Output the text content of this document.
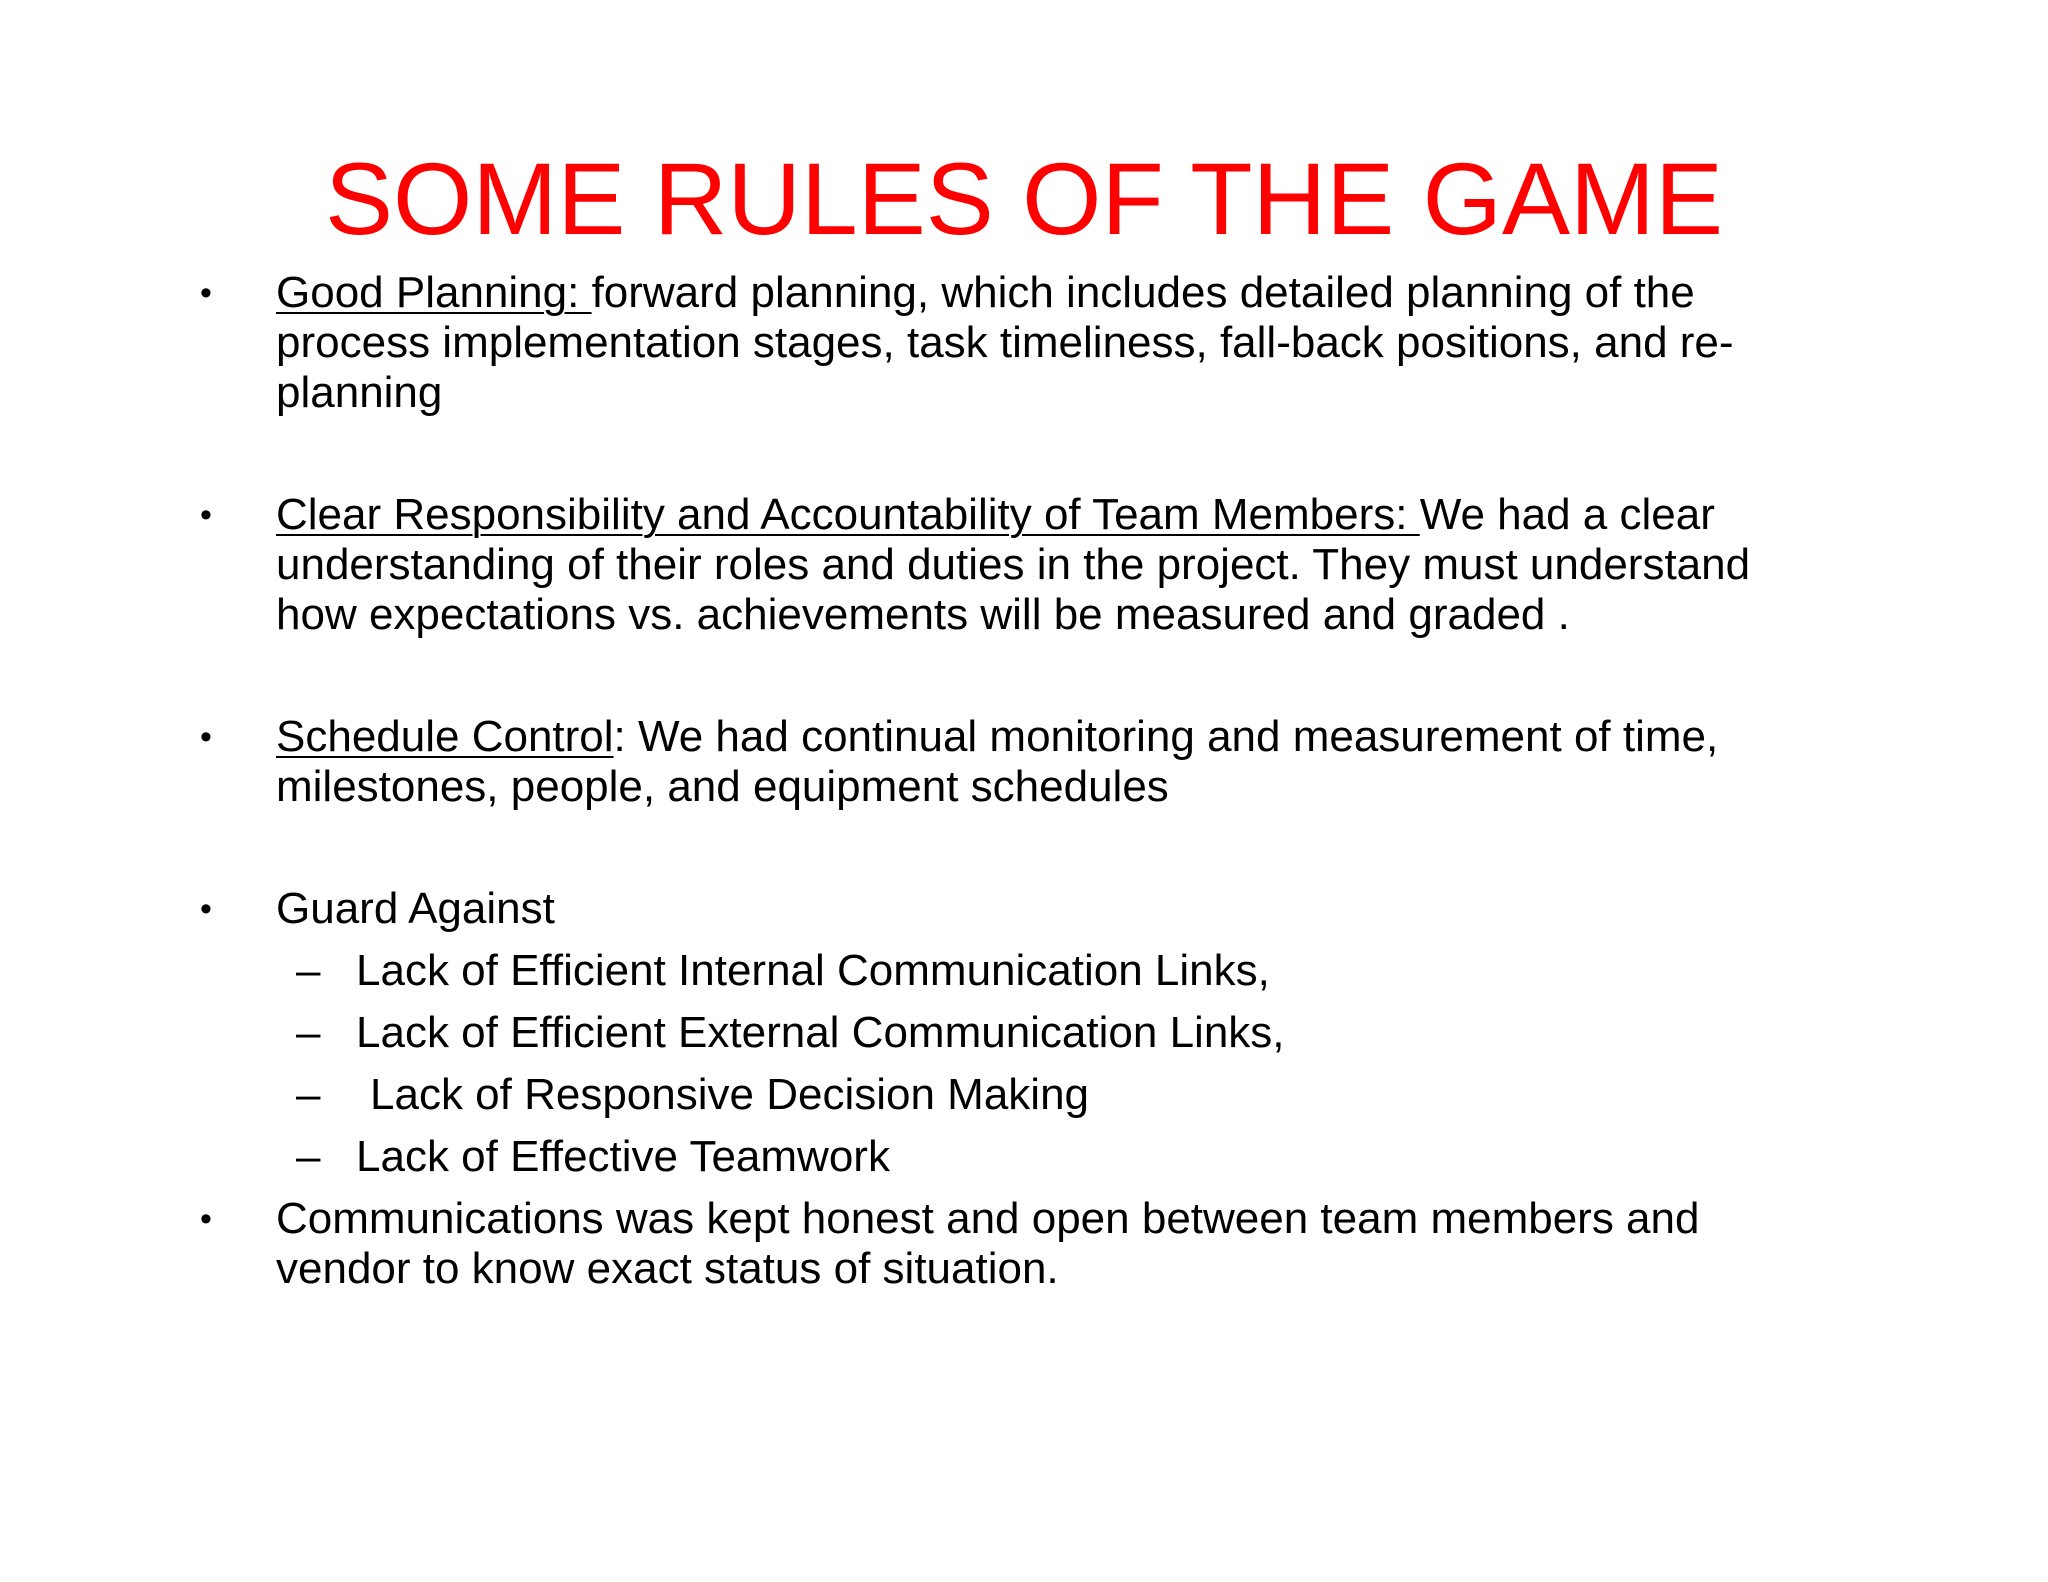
SOME RULES OF THE GAME
• Good Planning: forward planning, which includes detailed planning of the process implementation stages, task timeliness, fall-back positions, and re-planning
• Clear Responsibility and Accountability of Team Members: We had a clear understanding of their roles and duties in the project. They must understand how expectations vs. achievements will be measured and graded .
• Schedule Control: We had continual monitoring and measurement of time, milestones, people, and equipment schedules
• Guard Against
– Lack of Efficient Internal Communication Links,
– Lack of Efficient External Communication Links,
– Lack of Responsive Decision Making
– Lack of Effective Teamwork
• Communications was kept honest and open between team members and vendor to know exact status of situation.
